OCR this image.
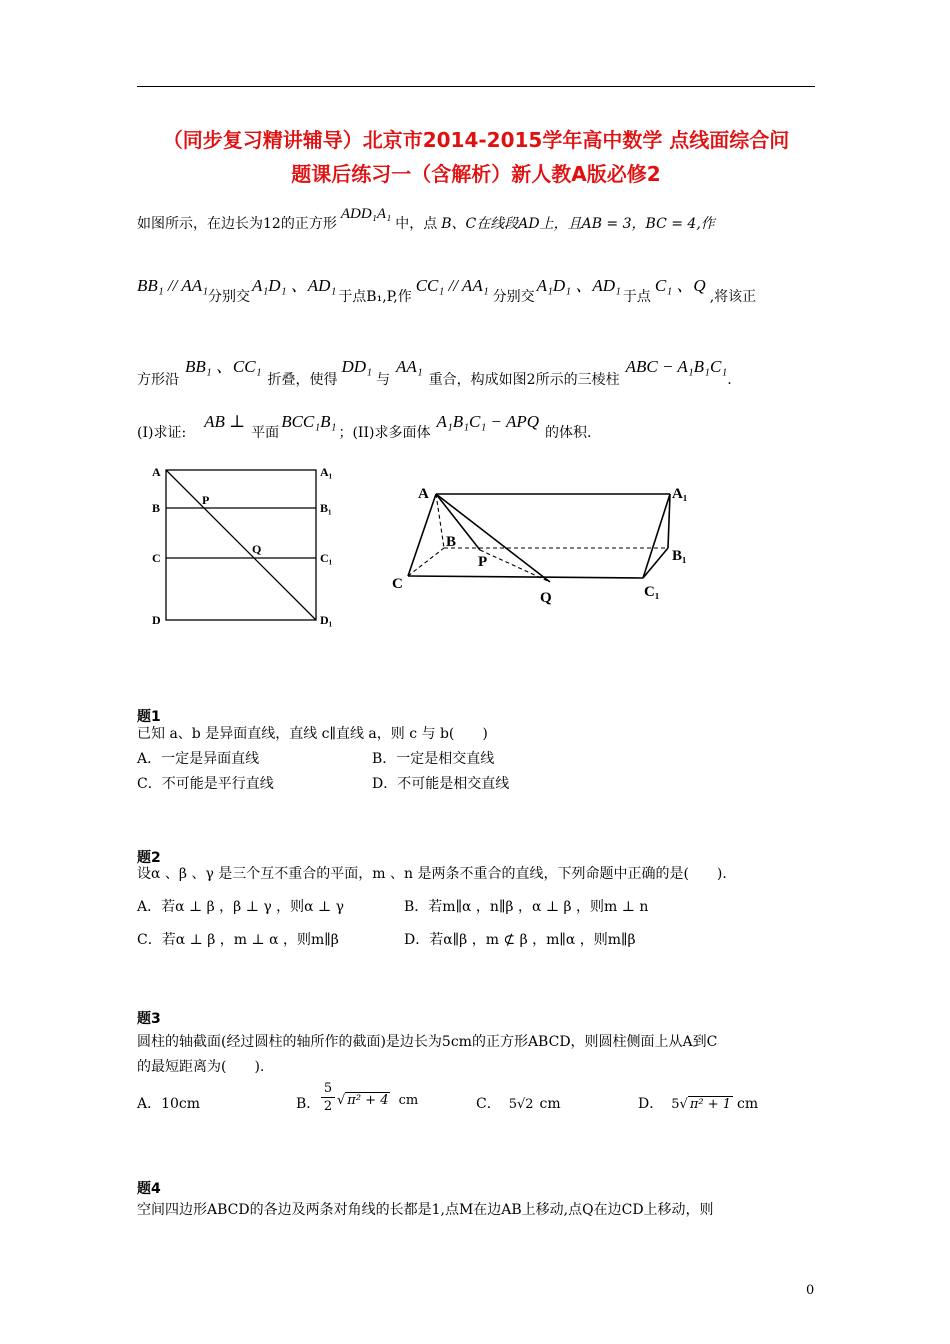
（同步复习精讲辅导）北京市2014-2015学年高中数学 点线面综合问
题课后练习一（含解析）新人教A版必修2
如图所示，在边长为12的正方形ADD₁A₁中，点 B、C在线段AD上，且AB = 3，BC = 4,作
BB₁ // AA₁分别交A₁D₁ 、AD₁于点B₁,P,作CC₁ // AA₁分别交A₁D₁ 、AD₁于点C₁ 、Q,将该正
方形沿BB₁ 、CC₁折叠，使得DD₁与AA₁重合，构成如图2所示的三棱柱ABC − A₁B₁C₁.
(I)求证:AB ⊥平面BCC₁B₁；(II)求多面体A₁B₁C₁ − APQ的体积.
A	A₁
B
P
B₁
C
Q
C₁
D	D₁
A	A₁
B
P	B₁
C
Q	C₁
题1
已知 a、b 是异面直线，直线 c∥直线 a，则 c 与 b(　　)
A．一定是异面直线	B．一定是相交直线
C．不可能是平行直线	D．不可能是相交直线
题2
设α 、β 、γ 是三个互不重合的平面，m 、n 是两条不重合的直线，下列命题中正确的是(　　)．
A．若α ⊥ β ，β ⊥ γ ，则α ⊥ γ	B．若m∥α ，n∥β ，α ⊥ β ，则m ⊥ n
C．若α ⊥ β ，m ⊥ α ，则m∥β	D．若α∥β ，m ⊄ β ，m∥α ，则m∥β
题3
圆柱的轴截面(经过圆柱的轴所作的截面)是边长为5cm的正方形ABCD，则圆柱侧面上从A到C
的最短距离为(　　).
A．10cm	B．
5
2 √ π² + 4 cm	C． 5√2 cm	D． 5√ π² + 1 cm
题4
空间四边形ABCD的各边及两条对角线的长都是1,点M在边AB上移动,点Q在边CD上移动，则
0
